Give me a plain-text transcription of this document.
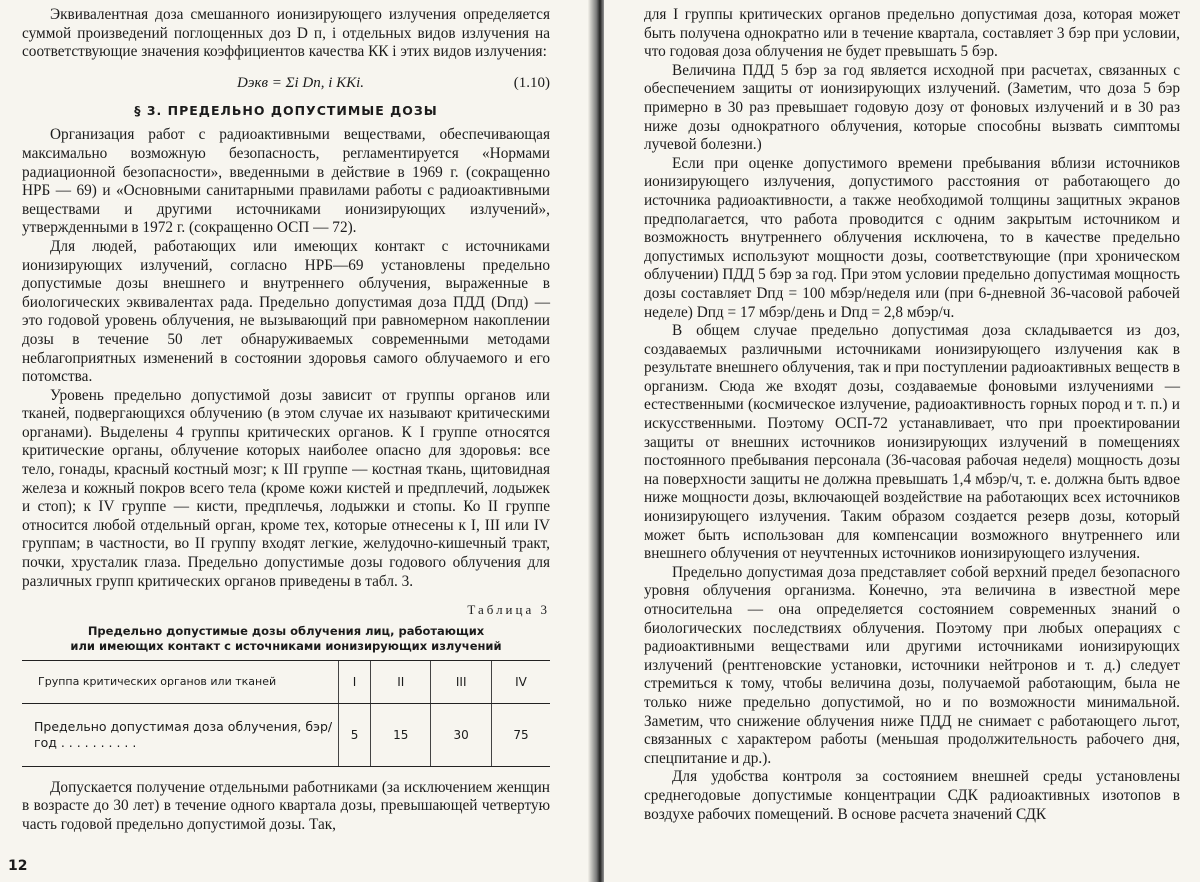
Эквивалентная доза смешанного ионизирующего излучения определяется суммой произведений поглощенных доз D п, i отдельных видов излучения на соответствующие значения коэффициентов качества КК i этих видов излучения:

Dэкв = Σi Dп, i ККi.	(1.10)
§ 3. ПРЕДЕЛЬНО ДОПУСТИМЫЕ ДОЗЫ

Организация работ с радиоактивными веществами, обеспечивающая максимально возможную безопасность, регламентируется «Нормами радиационной безопасности», введенными в действие в 1969 г. (сокращенно НРБ — 69) и «Основными санитарными правилами работы с радиоактивными веществами и другими источниками ионизирующих излучений», утвержденными в 1972 г. (сокращенно ОСП — 72).

Для людей, работающих или имеющих контакт с источниками ионизирующих излучений, согласно НРБ—69 установлены предельно допустимые дозы внешнего и внутреннего облучения, выраженные в биологических эквивалентах рада. Предельно допустимая доза ПДД (Dпд) — это годовой уровень облучения, не вызывающий при равномерном накоплении дозы в течение 50 лет обнаруживаемых современными методами неблагоприятных изменений в состоянии здоровья самого облучаемого и его потомства.

Уровень предельно допустимой дозы зависит от группы органов или тканей, подвергающихся облучению (в этом случае их называют критическими органами). Выделены 4 группы критических органов. К I группе относятся критические органы, облучение которых наиболее опасно для здоровья: все тело, гонады, красный костный мозг; к III группе — костная ткань, щитовидная железа и кожный покров всего тела (кроме кожи кистей и предплечий, лодыжек и стоп); к IV группе — кисти, предплечья, лодыжки и стопы. Ко II группе относится любой отдельный орган, кроме тех, которые отнесены к I, III или IV группам; в частности, во II группу входят легкие, желудочно-кишечный тракт, почки, хрусталик глаза. Предельно допустимые дозы годового облучения для различных групп критических органов приведены в табл. 3.

Таблица 3
Предельно допустимые дозы облучения лиц, работающих
или имеющих контакт с источниками ионизирующих излучений
Группа критических органов или тканей	I	II	III	IV
Предельно допустимая доза облучения, бэр/год . . . . . . . . . .	5	15	30	75

Допускается получение отдельными работниками (за исключением женщин в возрасте до 30 лет) в течение одного квартала дозы, превышающей четвертую часть годовой предельно допустимой дозы. Так,

12

для I группы критических органов предельно допустимая доза, которая может быть получена однократно или в течение квартала, составляет 3 бэр при условии, что годовая доза облучения не будет превышать 5 бэр.

Величина ПДД 5 бэр за год является исходной при расчетах, связанных с обеспечением защиты от ионизирующих излучений. (Заметим, что доза 5 бэр примерно в 30 раз превышает годовую дозу от фоновых излучений и в 30 раз ниже дозы однократного облучения, которые способны вызвать симптомы лучевой болезни.)

Если при оценке допустимого времени пребывания вблизи источников ионизирующего излучения, допустимого расстояния от работающего до источника радиоактивности, а также необходимой толщины защитных экранов предполагается, что работа проводится с одним закрытым источником и возможность внутреннего облучения исключена, то в качестве предельно допустимых используют мощности дозы, соответствующие (при хроническом облучении) ПДД 5 бэр за год. При этом условии предельно допустимая мощность дозы составляет Dпд = 100 мбэр/неделя или (при 6-дневной 36-часовой рабочей неделе) Dпд = 17 мбэр/день и Dпд = 2,8 мбэр/ч.

В общем случае предельно допустимая доза складывается из доз, создаваемых различными источниками ионизирующего излучения как в результате внешнего облучения, так и при поступлении радиоактивных веществ в организм. Сюда же входят дозы, создаваемые фоновыми излучениями — естественными (космическое излучение, радиоактивность горных пород и т. п.) и искусственными. Поэтому ОСП-72 устанавливает, что при проектировании защиты от внешних источников ионизирующих излучений в помещениях постоянного пребывания персонала (36-часовая рабочая неделя) мощность дозы на поверхности защиты не должна превышать 1,4 мбэр/ч, т. е. должна быть вдвое ниже мощности дозы, включающей воздействие на работающих всех источников ионизирующего излучения. Таким образом создается резерв дозы, который может быть использован для компенсации возможного внутреннего или внешнего облучения от неучтенных источников ионизирующего излучения.

Предельно допустимая доза представляет собой верхний предел безопасного уровня облучения организма. Конечно, эта величина в известной мере относительна — она определяется состоянием современных знаний о биологических последствиях облучения. Поэтому при любых операциях с радиоактивными веществами или другими источниками ионизирующих излучений (рентгеновские установки, источники нейтронов и т. д.) следует стремиться к тому, чтобы величина дозы, получаемой работающим, была не только ниже предельно допустимой, но и по возможности минимальной. Заметим, что снижение облучения ниже ПДД не снимает с работающего льгот, связанных с характером работы (меньшая продолжительность рабочего дня, спецпитание и др.).

Для удобства контроля за состоянием внешней среды установлены среднегодовые допустимые концентрации СДК радиоактивных изотопов в воздухе рабочих помещений. В основе расчета значений СДК
